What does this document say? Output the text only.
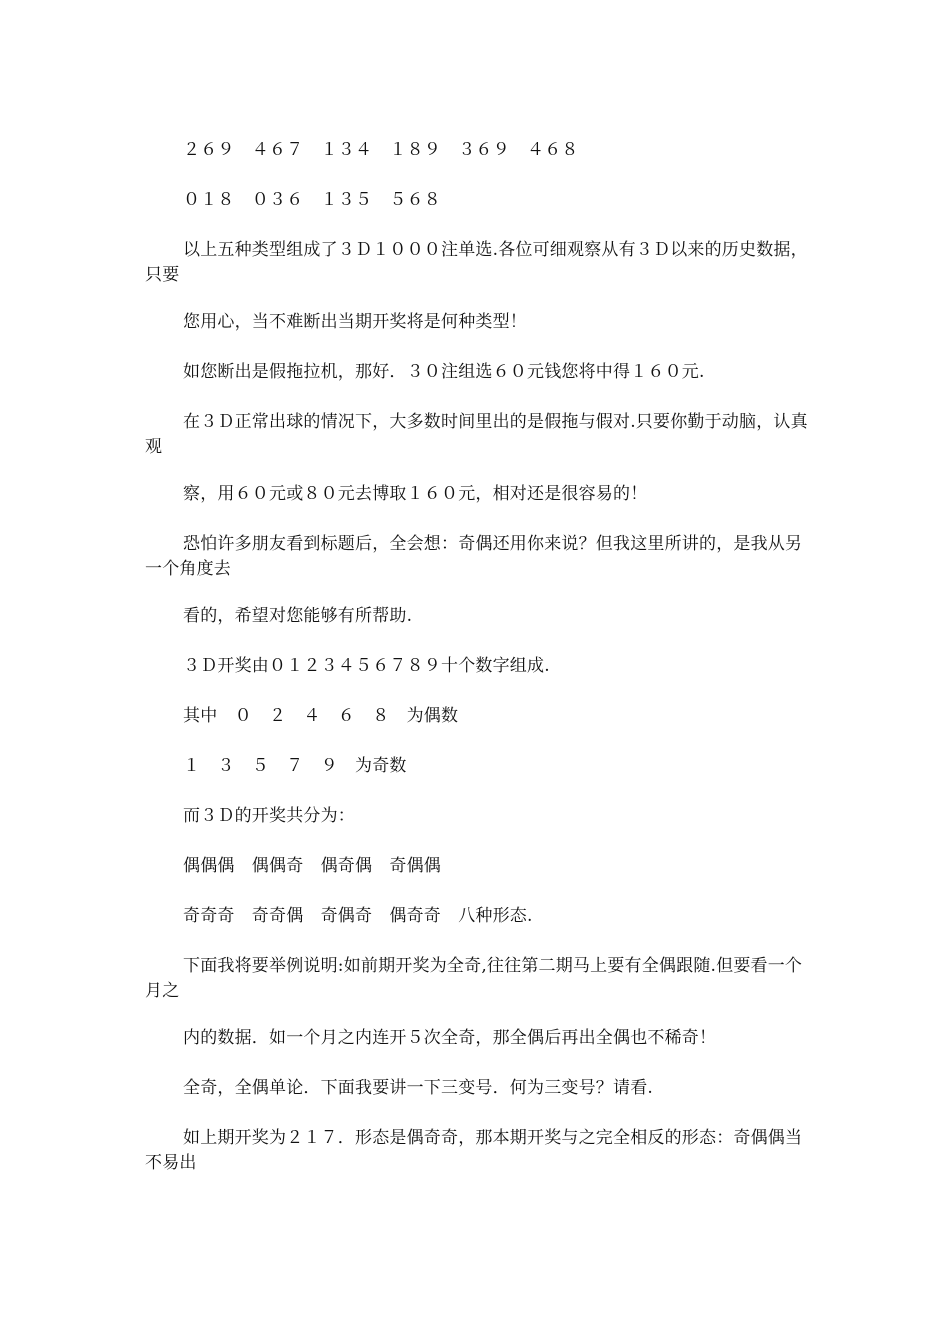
２６９　４６７　１３４　１８９　３６９　４６８

０１８　０３６　１３５　５６８

以上五种类型组成了３Ｄ１０００注单选.各位可细观察从有３Ｄ以来的历史数据，只要

您用心，当不难断出当期开奖将是何种类型！

如您断出是假拖拉机，那好．３０注组选６０元钱您将中得１６０元.

在３Ｄ正常出球的情况下，大多数时间里出的是假拖与假对.只要你勤于动脑，认真观

察，用６０元或８０元去博取１６０元，相对还是很容易的！

恐怕许多朋友看到标题后，全会想：奇偶还用你来说？但我这里所讲的，是我从另一个角度去

看的，希望对您能够有所帮助.

３Ｄ开奖由０１２３４５６７８９十个数字组成.

其中　０　２　４　６　８　为偶数

１　３　５　７　９　为奇数

而３Ｄ的开奖共分为：

偶偶偶　偶偶奇　偶奇偶　奇偶偶

奇奇奇　奇奇偶　奇偶奇　偶奇奇　八种形态.

下面我将要举例说明:如前期开奖为全奇,往往第二期马上要有全偶跟随.但要看一个月之

内的数据．如一个月之内连开５次全奇，那全偶后再出全偶也不稀奇！

全奇，全偶单论．下面我要讲一下三变号．何为三变号？请看.

如上期开奖为２１７．形态是偶奇奇，那本期开奖与之完全相反的形态：奇偶偶当不易出
